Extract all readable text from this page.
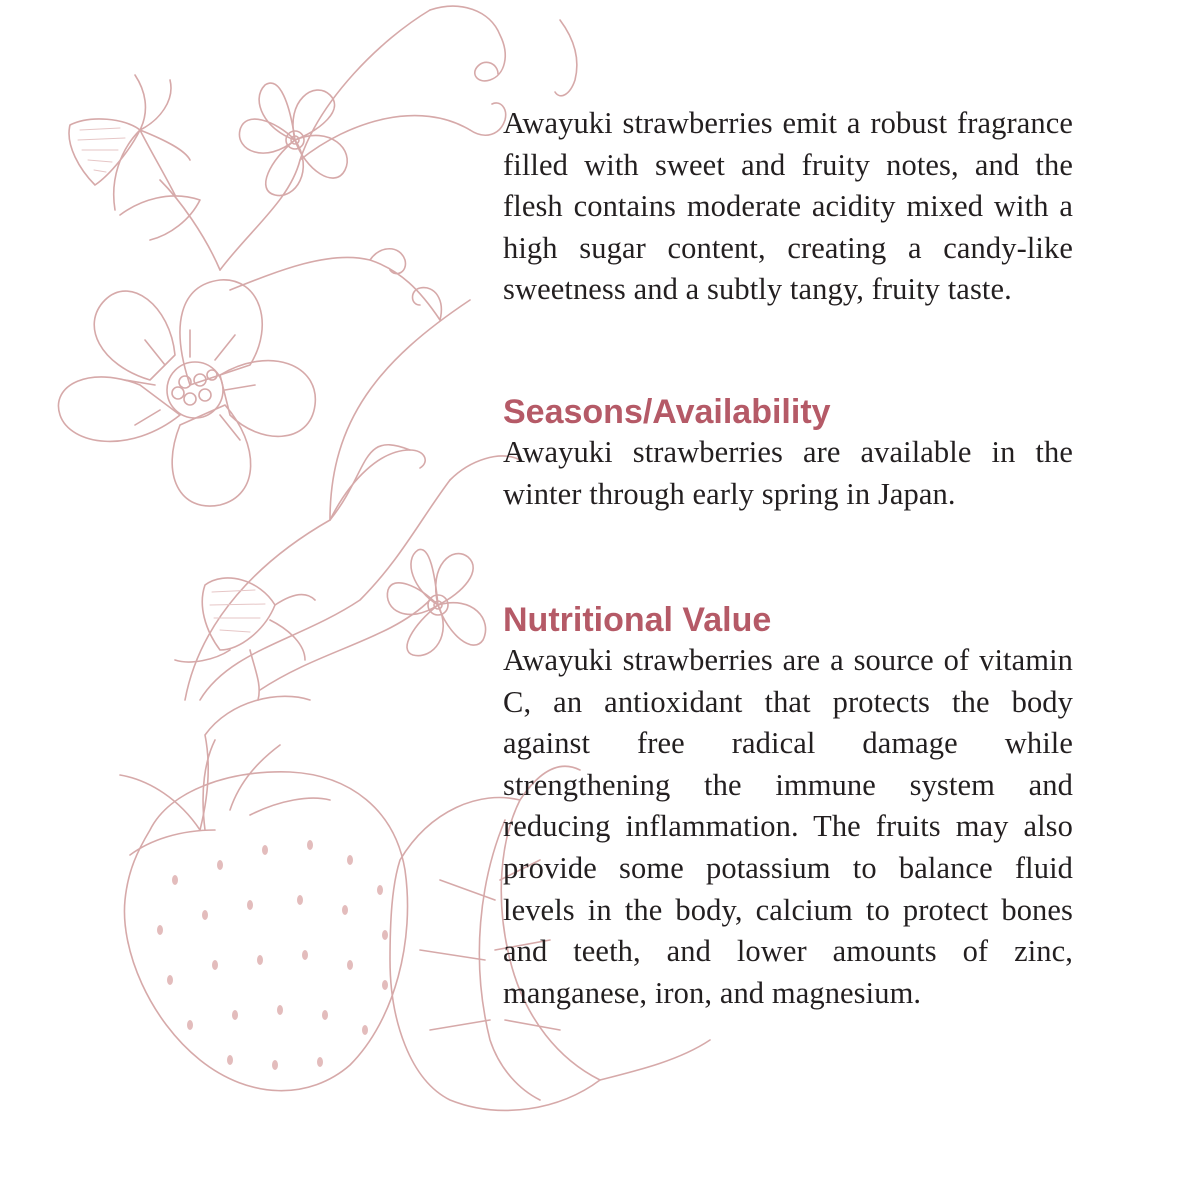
Awayuki strawberries emit a robust fragrance filled with sweet and fruity notes, and the flesh contains moderate acidity mixed with a high sugar content, creating a candy-like sweetness and a subtly tangy, fruity taste.

Seasons/Availability

Awayuki strawberries are available in the winter through early spring in Japan.

Nutritional Value

Awayuki strawberries are a source of vitamin C, an antioxidant that protects the body against free radical damage while strengthening the immune system and reducing inflammation. The fruits may also provide some potassium to balance fluid levels in the body, calcium to protect bones and teeth, and lower amounts of zinc, manganese, iron, and magnesium.
